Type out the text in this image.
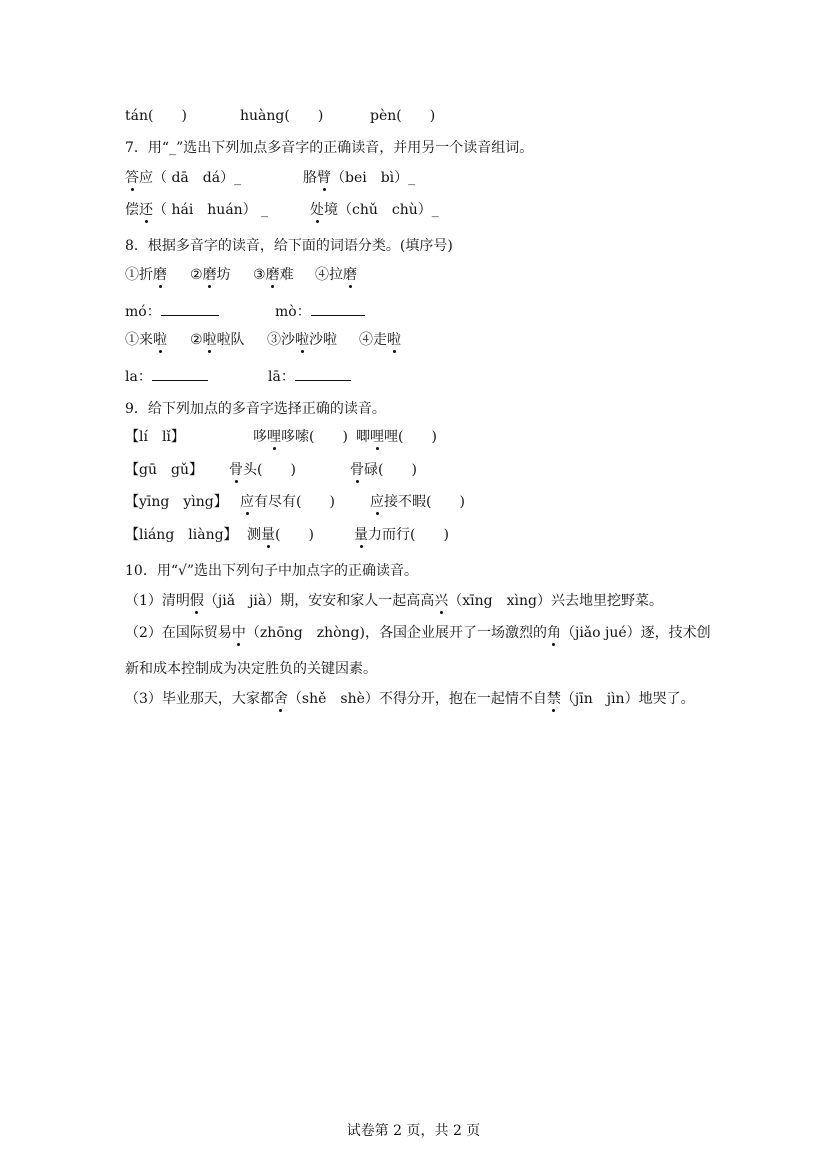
tán(　　)	huàng(　　)	pèn(　　)
7．用“_”选出下列加点多音字的正确读音，并用另一个读音组词。
答应（ dā　dá）_	胳臂（bei　bì）_
偿还（ hái　huán） _	处境（chǔ　chù）_
8．根据多音字的读音，给下面的词语分类。(填序号)
①折磨 ②磨坊 ③磨难 ④拉磨
mó：	mò：
①来啦 ②啦啦队 ③沙啦沙啦 ④走啦
la：	lā：
9．给下列加点的多音字选择正确的读音。
【lí　lǐ】	哆哩哆嗦(　　) 唧哩哩(　　)
【gū　gǔ】 骨头(　　)	骨碌(　　)
【yīng　yìng】 应有尽有(　　)	应接不暇(　　)
【liáng　liàng】 测量(　　)	量力而行(　　)
10．用“√”选出下列句子中加点字的正确读音。
（1）清明假（jiǎ　jià）期，安安和家人一起高高兴（xīng　xìng）兴去地里挖野菜。
（2）在国际贸易中（zhōng　zhòng)，各国企业展开了一场激烈的角（jiǎo jué）逐，技术创
新和成本控制成为决定胜负的关键因素。
（3）毕业那天，大家都舍（shě　shè）不得分开，抱在一起情不自禁（jīn　jìn）地哭了。
试卷第 2 页，共 2 页
